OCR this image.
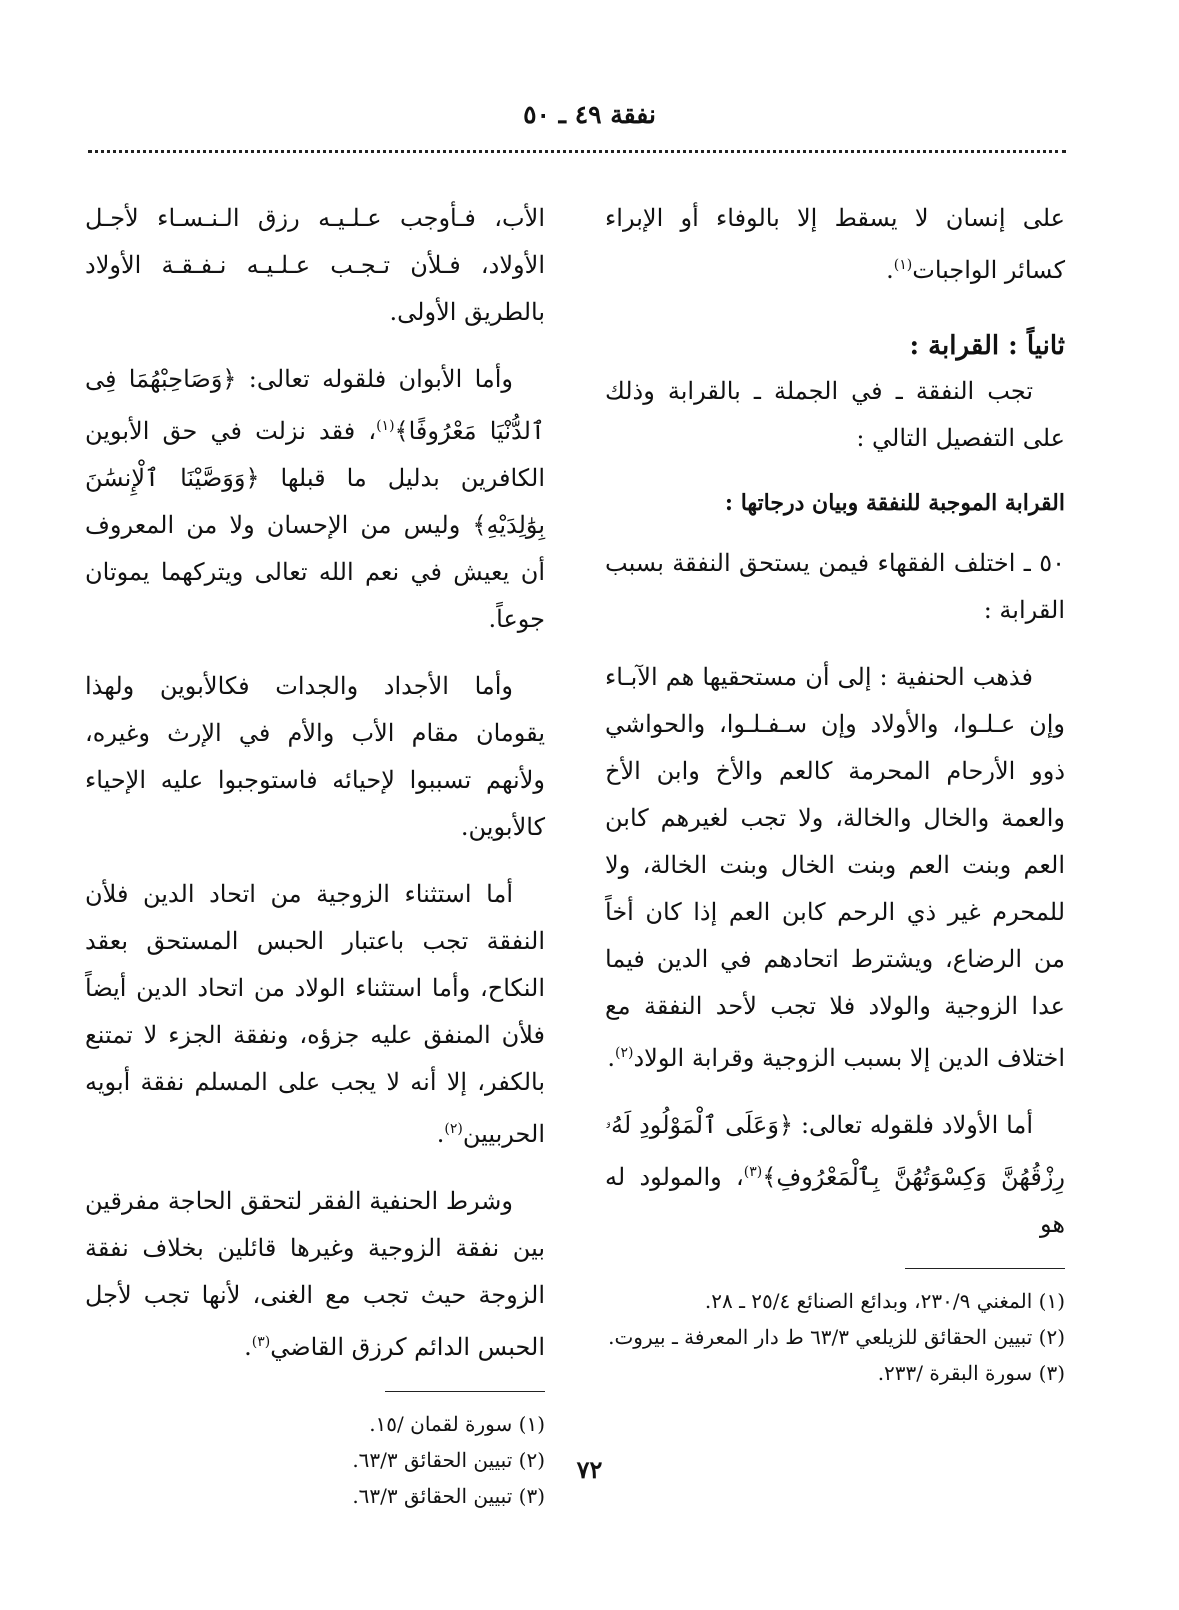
نفقة ٤٩ ـ ٥٠

على إنسان لا يسقط إلا بالوفاء أو الإبراء كسائر الواجبات$^{(١)}$.

ثانياً : القرابة :

تجب النفقة ـ في الجملة ـ بالقرابة وذلك على التفصيل التالي :

القرابة الموجبة للنفقة وبيان درجاتها :

٥٠ ـ اختلف الفقهاء فيمن يستحق النفقة بسبب القرابة :

فذهب الحنفية : إلى أن مستحقيها هم الآبـاء وإن عـلـوا، والأولاد وإن سـفـلـوا، والحواشي ذوو الأرحام المحرمة كالعم والأخ وابن الأخ والعمة والخال والخالة، ولا تجب لغيرهم كابن العم وبنت العم وبنت الخال وبنت الخالة، ولا للمحرم غير ذي الرحم كابن العم إذا كان أخاً من الرضاع، ويشترط اتحادهم في الدين فيما عدا الزوجية والولاد فلا تجب لأحد النفقة مع اختلاف الدين إلا بسبب الزوجية وقرابة الولاد$^{(٢)}$.

أما الأولاد فلقوله تعالى: ﴿وَعَلَى ٱلْمَوْلُودِ لَهُۥ رِزْقُهُنَّ وَكِسْوَتُهُنَّ بِٱلْمَعْرُوفِ﴾$^{(٣)}$، والمولود له هو

(١) المغني ٢٣٠/٩، وبدائع الصنائع ٢٥/٤ ـ ٢٨.

(٢) تبيين الحقائق للزيلعي ٦٣/٣ ط دار المعرفة ـ بيروت.

(٣) سورة البقرة /٢٣٣.

الأب، فـأوجب عـلـيـه رزق الـنـسـاء لأجـل الأولاد، فـلأن تـجـب عـلـيـه نـفـقـة الأولاد بالطريق الأولى.

وأما الأبوان فلقوله تعالى: ﴿وَصَاحِبْهُمَا فِى ٱلدُّنْيَا مَعْرُوفًا﴾$^{(١)}$، فقد نزلت في حق الأبوين الكافرين بدليل ما قبلها ﴿وَوَصَّيْنَا ٱلْإِنسَٰنَ بِوَٰلِدَيْهِ﴾ وليس من الإحسان ولا من المعروف أن يعيش في نعم الله تعالى ويتركهما يموتان جوعاً.

وأما الأجداد والجدات فكالأبوين ولهذا يقومان مقام الأب والأم في الإرث وغيره، ولأنهم تسببوا لإحيائه فاستوجبوا عليه الإحياء كالأبوين.

أما استثناء الزوجية من اتحاد الدين فلأن النفقة تجب باعتبار الحبس المستحق بعقد النكاح، وأما استثناء الولاد من اتحاد الدين أيضاً فلأن المنفق عليه جزؤه، ونفقة الجزء لا تمتنع بالكفر، إلا أنه لا يجب على المسلم نفقة أبويه الحربيين$^{(٢)}$.

وشرط الحنفية الفقر لتحقق الحاجة مفرقين بين نفقة الزوجية وغيرها قائلين بخلاف نفقة الزوجة حيث تجب مع الغنى، لأنها تجب لأجل الحبس الدائم كرزق القاضي$^{(٣)}$.

(١) سورة لقمان /١٥.

(٢) تبيين الحقائق ٦٣/٣.

(٣) تبيين الحقائق ٦٣/٣.

٧٢
